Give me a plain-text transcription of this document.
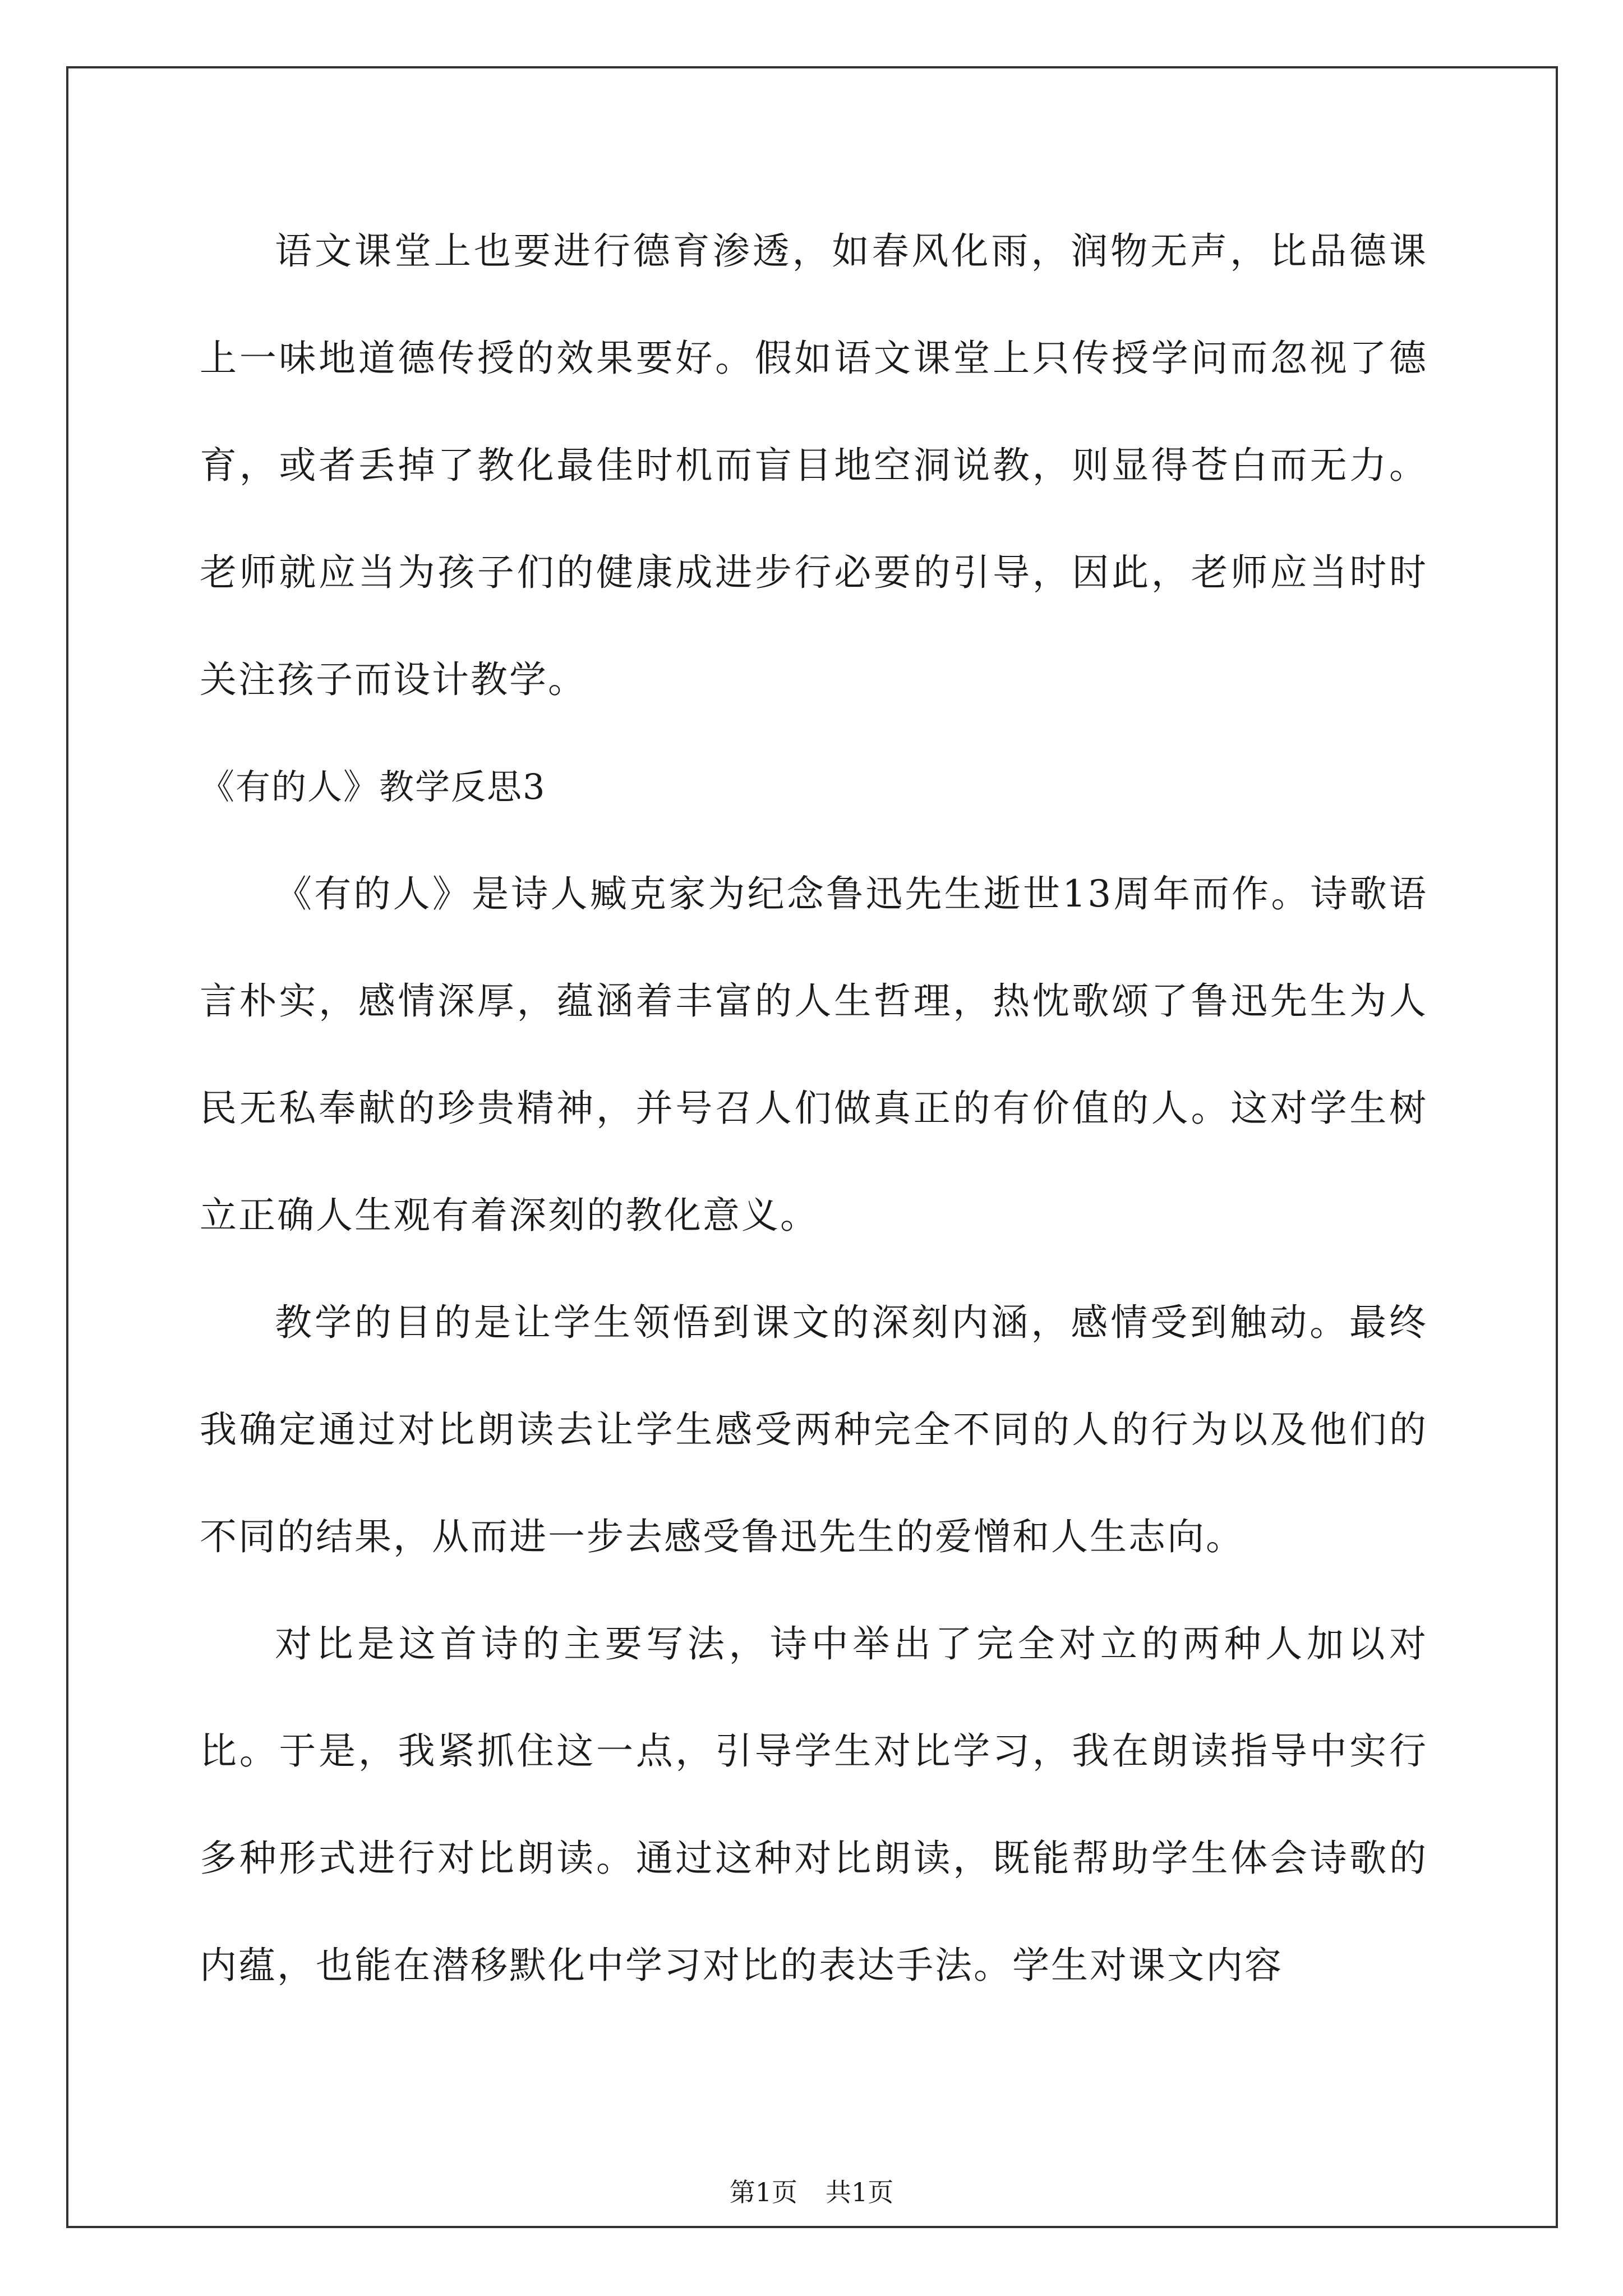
语文课堂上也要进行德育渗透，如春风化雨，润物无声，比品德课上一味地道德传授的效果要好。假如语文课堂上只传授学问而忽视了德育，或者丢掉了教化最佳时机而盲目地空洞说教，则显得苍白而无力。老师就应当为孩子们的健康成进步行必要的引导，因此，老师应当时时关注孩子而设计教学。

《有的人》教学反思3

《有的人》是诗人臧克家为纪念鲁迅先生逝世13周年而作。诗歌语言朴实，感情深厚，蕴涵着丰富的人生哲理，热忱歌颂了鲁迅先生为人民无私奉献的珍贵精神，并号召人们做真正的有价值的人。这对学生树立正确人生观有着深刻的教化意义。

教学的目的是让学生领悟到课文的深刻内涵，感情受到触动。最终我确定通过对比朗读去让学生感受两种完全不同的人的行为以及他们的不同的结果，从而进一步去感受鲁迅先生的爱憎和人生志向。

对比是这首诗的主要写法，诗中举出了完全对立的两种人加以对比。于是，我紧抓住这一点，引导学生对比学习，我在朗读指导中实行多种形式进行对比朗读。通过这种对比朗读，既能帮助学生体会诗歌的内蕴，也能在潜移默化中学习对比的表达手法。学生对课文内容

第1页 共1页
